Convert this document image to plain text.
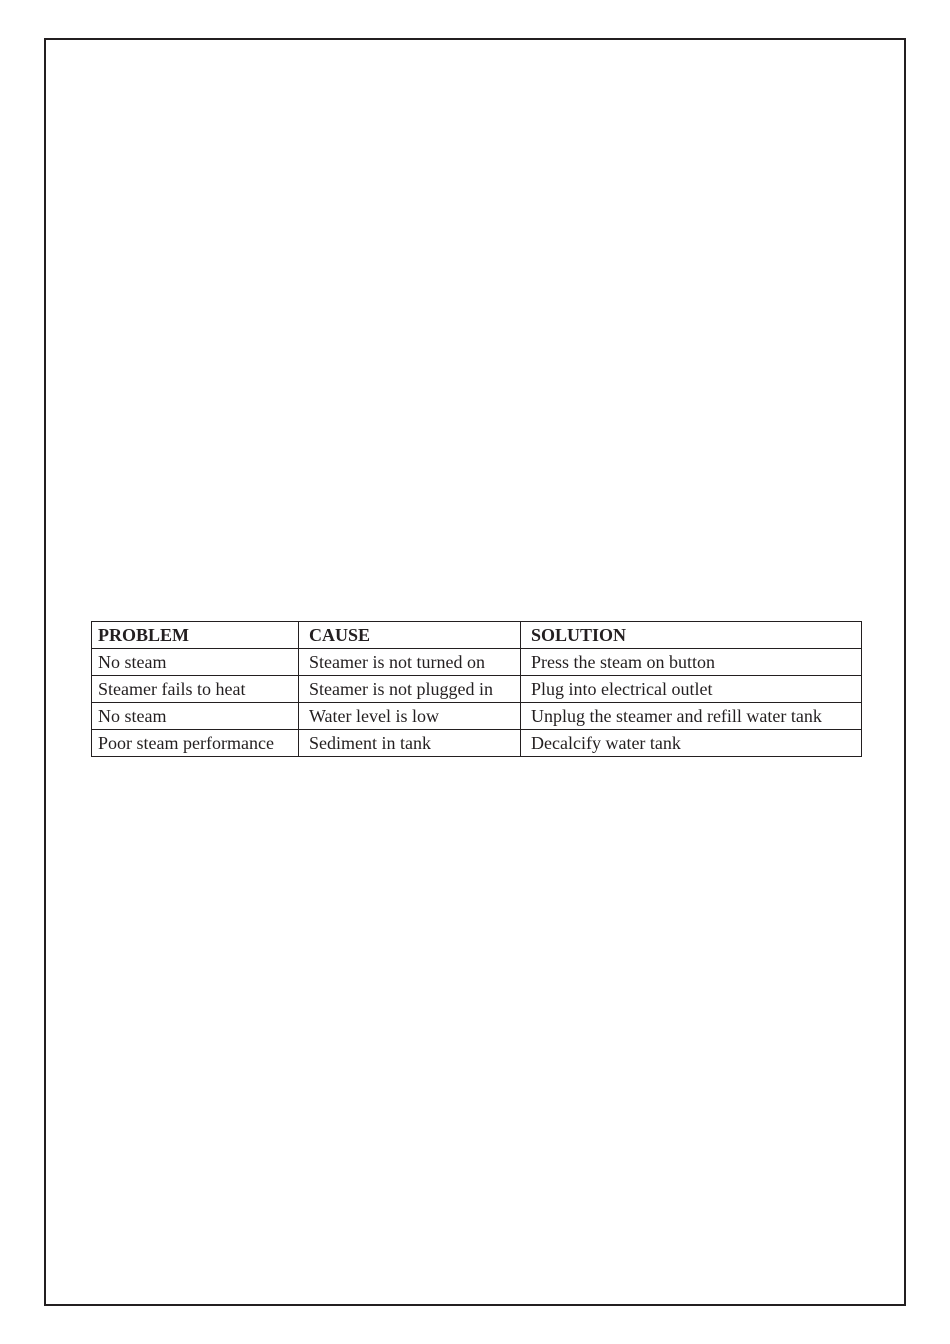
PROBLEM	CAUSE	SOLUTION
No steam	Steamer is not turned on	Press the steam on button
Steamer fails to heat	Steamer is not plugged in	Plug into electrical outlet
No steam	Water level is low	Unplug the steamer and refill water tank
Poor steam performance	Sediment in tank	Decalcify water tank
